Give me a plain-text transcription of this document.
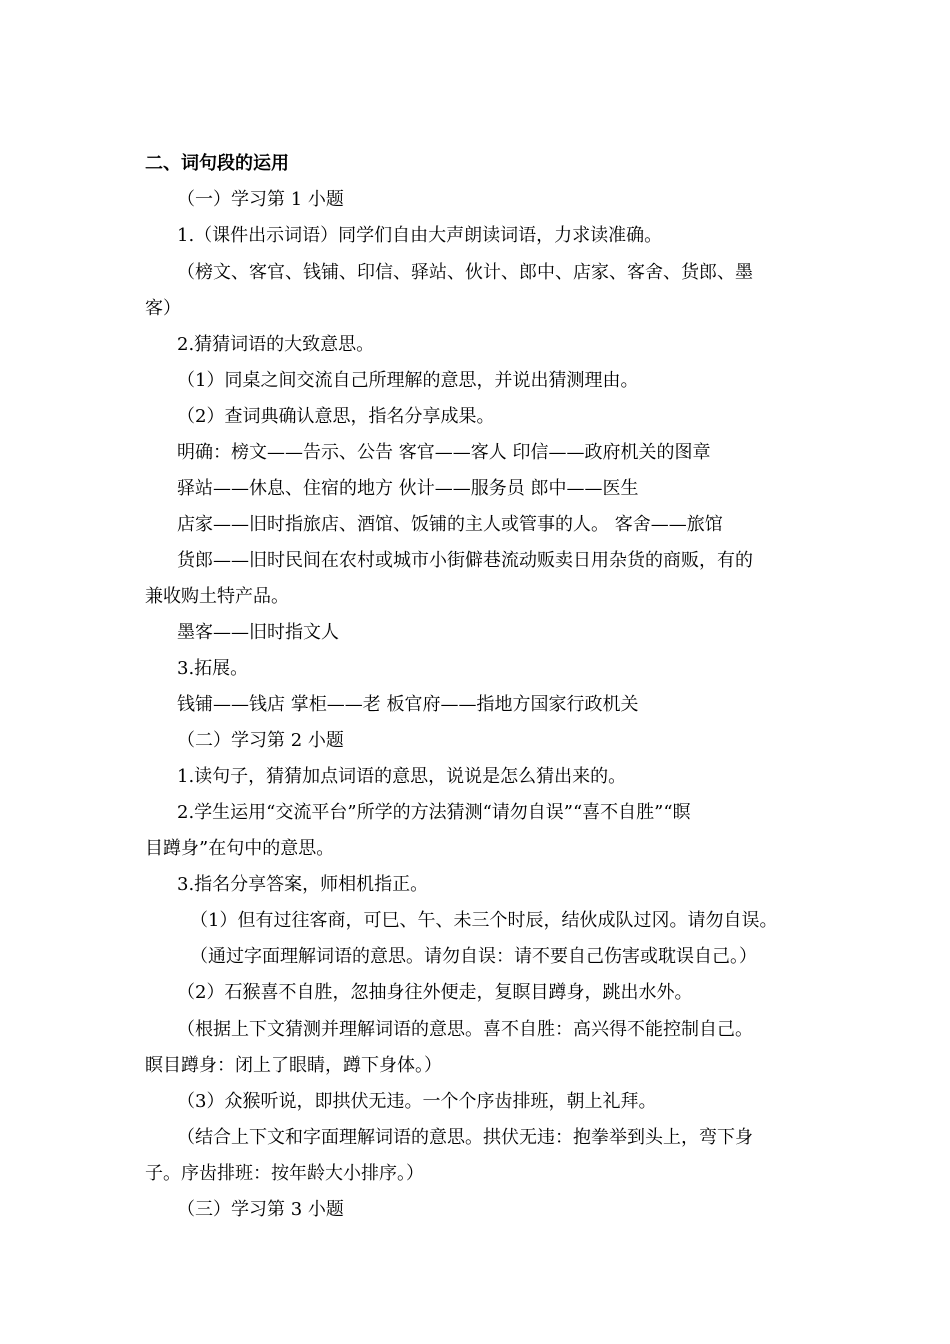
二、词句段的运用
（一）学习第 1 小题
1.（课件出示词语）同学们自由大声朗读词语，力求读准确。
（榜文、客官、钱铺、印信、驿站、伙计、郎中、店家、客舍、货郎、墨
客）
2.猜猜词语的大致意思。
（1）同桌之间交流自己所理解的意思，并说出猜测理由。
（2）查词典确认意思，指名分享成果。
明确：榜文——告示、公告 客官——客人 印信——政府机关的图章
驿站——休息、住宿的地方 伙计——服务员 郎中——医生
店家——旧时指旅店、酒馆、饭铺的主人或管事的人。 客舍——旅馆
货郎——旧时民间在农村或城市小街僻巷流动贩卖日用杂货的商贩，有的
兼收购土特产品。
墨客——旧时指文人
3.拓展。
钱铺——钱店 掌柜——老 板官府——指地方国家行政机关
（二）学习第 2 小题
1.读句子，猜猜加点词语的意思，说说是怎么猜出来的。
2.学生运用“交流平台”所学的方法猜测“请勿自误”“喜不自胜”“瞑
目蹲身”在句中的意思。
3.指名分享答案，师相机指正。
（1）但有过往客商，可巳、午、未三个时辰，结伙成队过冈。请勿自误。
（通过字面理解词语的意思。请勿自误：请不要自己伤害或耽误自己。）
（2）石猴喜不自胜，忽抽身往外便走，复瞑目蹲身，跳出水外。
（根据上下文猜测并理解词语的意思。喜不自胜：高兴得不能控制自己。
瞑目蹲身：闭上了眼睛，蹲下身体。）
（3）众猴听说，即拱伏无违。一个个序齿排班，朝上礼拜。
（结合上下文和字面理解词语的意思。拱伏无违：抱拳举到头上，弯下身
子。序齿排班：按年龄大小排序。）
（三）学习第 3 小题
